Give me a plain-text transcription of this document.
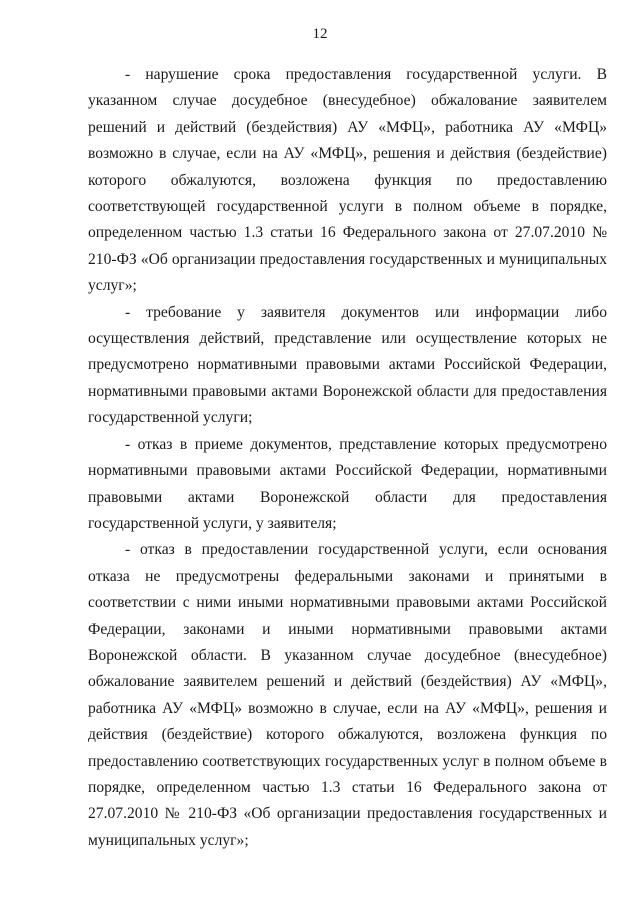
12

- нарушение срока предоставления государственной услуги. В указанном случае досудебное (внесудебное) обжалование заявителем решений и действий (бездействия) АУ «МФЦ», работника АУ «МФЦ» возможно в случае, если на АУ «МФЦ», решения и действия (бездействие) которого обжалуются, возложена функция по предоставлению соответствующей государственной услуги в полном объеме в порядке, определенном частью 1.3 статьи 16 Федерального закона от 27.07.2010 № 210-ФЗ «Об организации предоставления государственных и муниципальных услуг»;

- требование у заявителя документов или информации либо осуществления действий, представление или осуществление которых не предусмотрено нормативными правовыми актами Российской Федерации, нормативными правовыми актами Воронежской области для предоставления государственной услуги;

- отказ в приеме документов, представление которых предусмотрено нормативными правовыми актами Российской Федерации, нормативными правовыми актами Воронежской области для предоставления государственной услуги, у заявителя;

- отказ в предоставлении государственной услуги, если основания отказа не предусмотрены федеральными законами и принятыми в соответствии с ними иными нормативными правовыми актами Российской Федерации, законами и иными нормативными правовыми актами Воронежской области. В указанном случае досудебное (внесудебное) обжалование заявителем решений и действий (бездействия) АУ «МФЦ», работника АУ «МФЦ» возможно в случае, если на АУ «МФЦ», решения и действия (бездействие) которого обжалуются, возложена функция по предоставлению соответствующих государственных услуг в полном объеме в порядке, определенном частью 1.3 статьи 16 Федерального закона от 27.07.2010 № 210-ФЗ «Об организации предоставления государственных и муниципальных услуг»;
